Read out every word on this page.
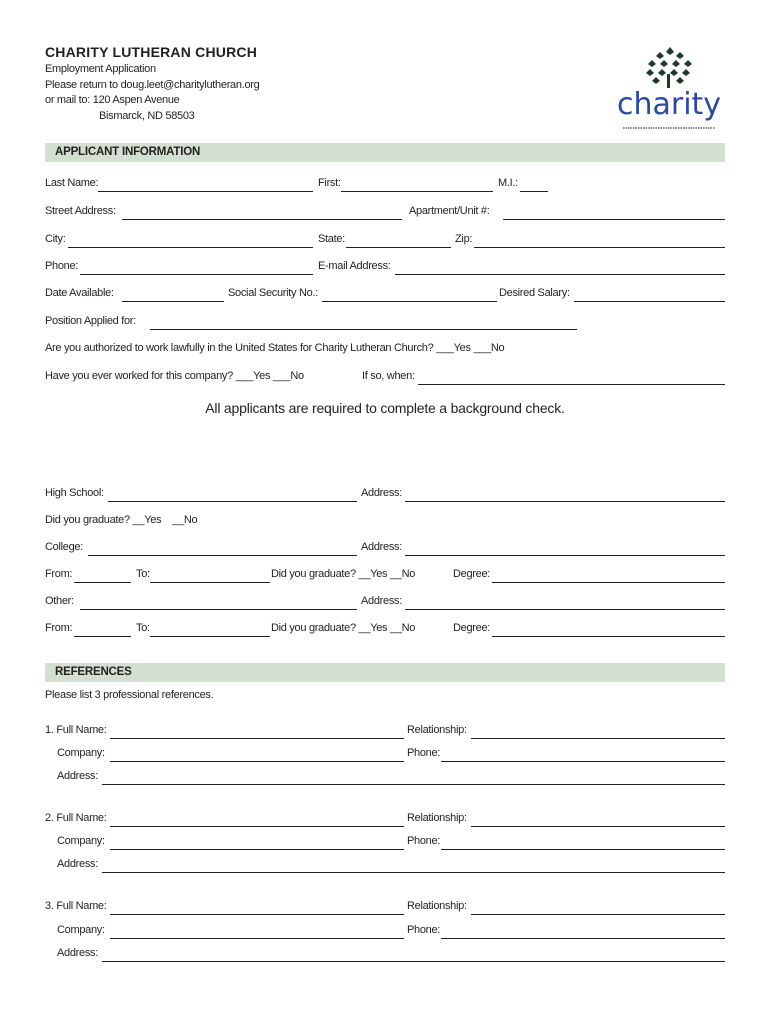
CHARITY LUTHERAN CHURCH
Employment Application
Please return to doug.leet@charitylutheran.org
or mail to: 120 Aspen Avenue
Bismarck, ND 58503	charity
APPLICANT INFORMATION
Last Name:	First:	M.I.:
Street Address:	Apartment/Unit #:
City:	State:	Zip:
Phone:	E-mail Address:
Date Available:	Social Security No.:	Desired Salary:
Position Applied for:
Are you authorized to work lawfully in the United States for Charity Lutheran Church? ___Yes ___No
Have you ever worked for this company? ___Yes ___No	If so, when:
All applicants are required to complete a background check.
High School:	Address:
Did you graduate? __Yes    __No
College:	Address:
From:	To:	Did you graduate? __Yes __No	Degree:
Other:	Address:
From:	To:	Did you graduate? __Yes __No	Degree:
REFERENCES
Please list 3 professional references.
1. Full Name:	Relationship:
Company:	Phone:
Address:
2. Full Name:	Relationship:
Company:	Phone:
Address:
3. Full Name:	Relationship:
Company:	Phone:
Address:
